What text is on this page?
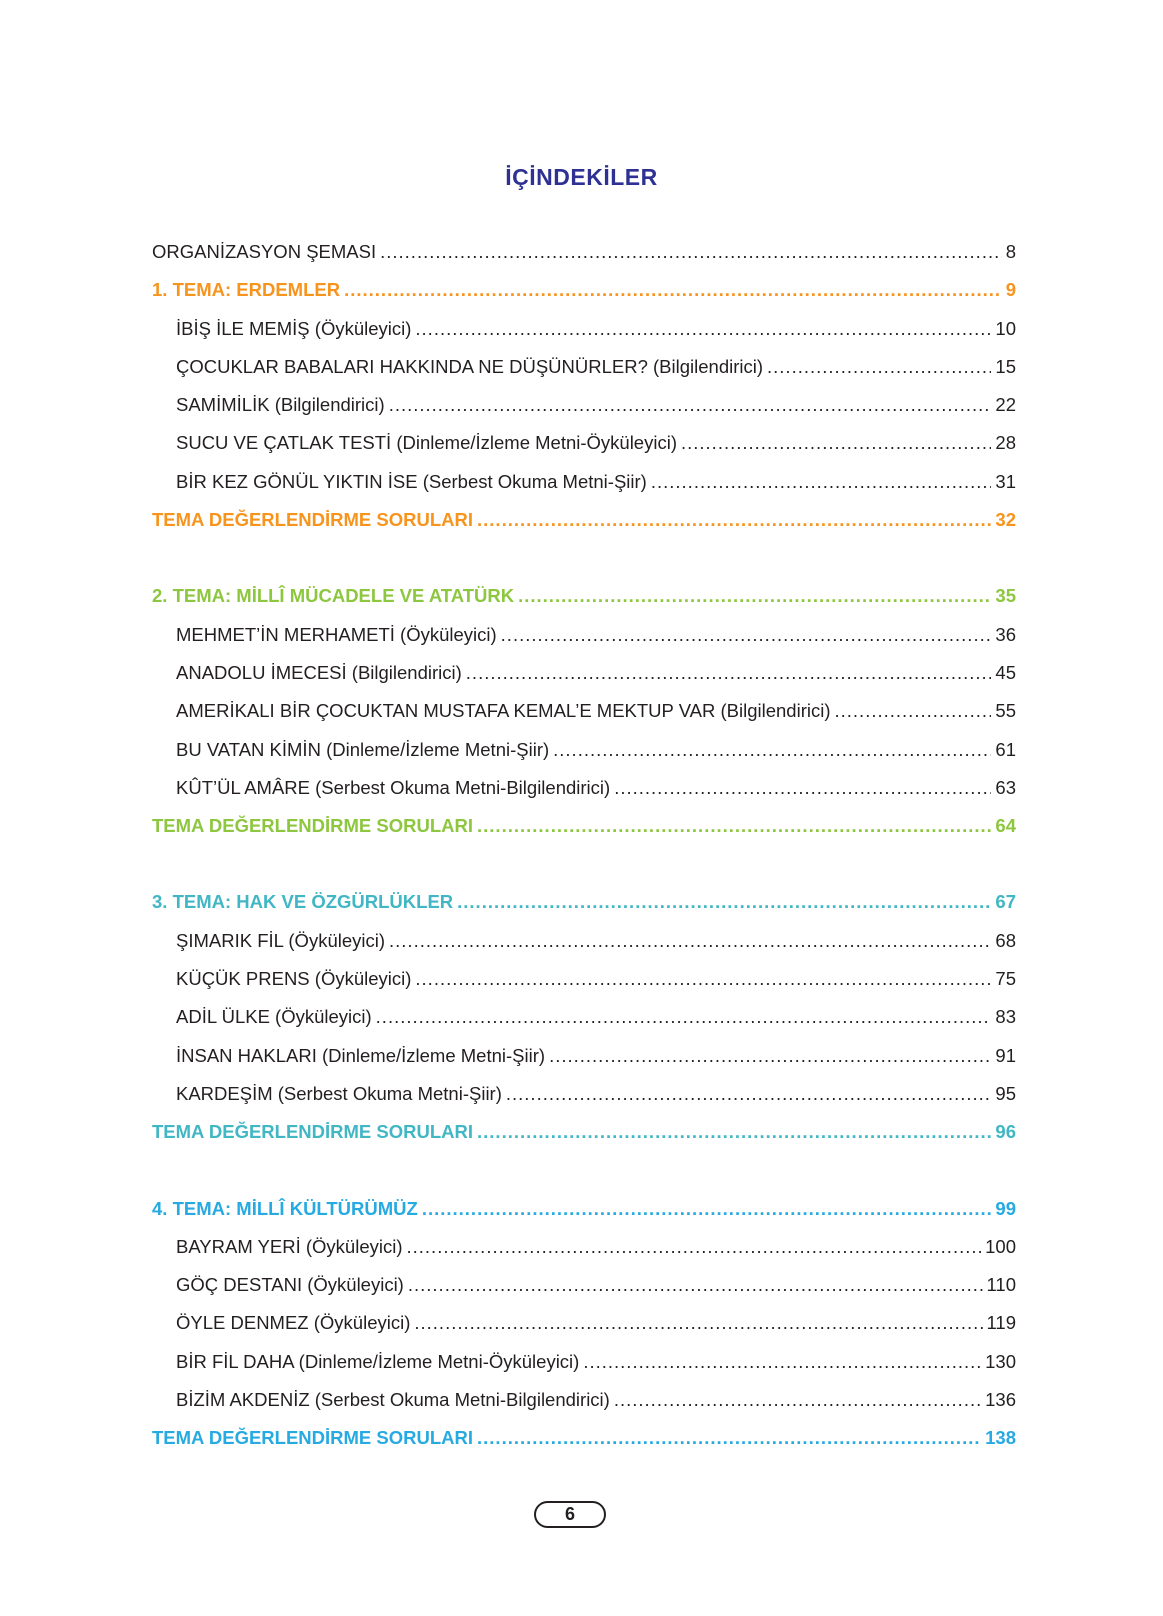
İÇİNDEKİLER
ORGANİZASYON ŞEMASI .....	8
1. TEMA: ERDEMLER .....	9
İBİŞ İLE MEMİŞ (Öyküleyici) .....	10
ÇOCUKLAR BABALARI HAKKINDA NE DÜŞÜNÜRLER? (Bilgilendirici) .....	15
SAMİMİLİK (Bilgilendirici) .....	22
SUCU VE ÇATLAK TESTİ (Dinleme/İzleme Metni-Öyküleyici) .....	28
BİR KEZ GÖNÜL YIKTIN İSE (Serbest Okuma Metni-Şiir) .....	31
TEMA DEĞERLENDİRME SORULARI .....	32
2. TEMA: MİLLÎ MÜCADELE VE ATATÜRK .....	35
MEHMET’İN MERHAMETİ (Öyküleyici) .....	36
ANADOLU İMECESİ (Bilgilendirici) .....	45
AMERİKALI BİR ÇOCUKTAN MUSTAFA KEMAL’E MEKTUP VAR (Bilgilendirici) .....	55
BU VATAN KİMİN (Dinleme/İzleme Metni-Şiir) .....	61
KÛT’ÜL AMÂRE (Serbest Okuma Metni-Bilgilendirici) .....	63
TEMA DEĞERLENDİRME SORULARI .....	64
3. TEMA: HAK VE ÖZGÜRLÜKLER .....	67
ŞIMARIK FİL (Öyküleyici) .....	68
KÜÇÜK PRENS (Öyküleyici) .....	75
ADİL ÜLKE (Öyküleyici) .....	83
İNSAN HAKLARI (Dinleme/İzleme Metni-Şiir) .....	91
KARDEŞİM (Serbest Okuma Metni-Şiir) .....	95
TEMA DEĞERLENDİRME SORULARI .....	96
4. TEMA: MİLLÎ KÜLTÜRÜMÜZ .....	99
BAYRAM YERİ (Öyküleyici) .....	100
GÖÇ DESTANI (Öyküleyici) .....	110
ÖYLE DENMEZ (Öyküleyici) .....	119
BİR FİL DAHA (Dinleme/İzleme Metni-Öyküleyici) .....	130
BİZİM AKDENİZ (Serbest Okuma Metni-Bilgilendirici) .....	136
TEMA DEĞERLENDİRME SORULARI .....	138
6
